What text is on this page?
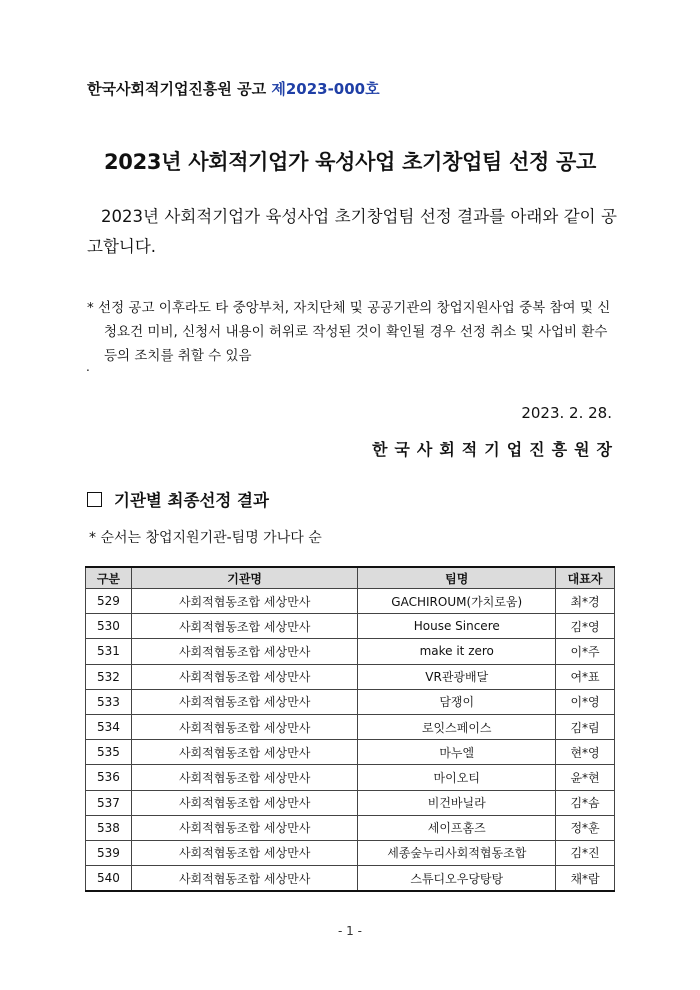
한국사회적기업진흥원 공고 제2023-000호
2023년 사회적기업가 육성사업 초기창업팀 선정 공고
2023년 사회적기업가 육성사업 초기창업팀 선정 결과를 아래와 같이 공고합니다.
* 선정 공고 이후라도 타 중앙부처, 자치단체 및 공공기관의 창업지원사업 중복 참여 및 신청요건 미비, 신청서 내용이 허위로 작성된 것이 확인될 경우 선정 취소 및 사업비 환수 등의 조치를 취할 수 있음
.
2023. 2. 28.
한국사회적기업진흥원장
기관별 최종선정 결과
* 순서는 창업지원기관-팀명 가나다 순
구분	기관명	팀명	대표자
529	사회적협동조합 세상만사	GACHIROUM(가치로움)	최*경
530	사회적협동조합 세상만사	House Sincere	김*영
531	사회적협동조합 세상만사	make it zero	이*주
532	사회적협동조합 세상만사	VR관광배달	여*표
533	사회적협동조합 세상만사	담쟁이	이*영
534	사회적협동조합 세상만사	로잇스페이스	김*림
535	사회적협동조합 세상만사	마누엘	현*영
536	사회적협동조합 세상만사	마이오티	윤*현
537	사회적협동조합 세상만사	비건바닐라	김*솜
538	사회적협동조합 세상만사	세이프홈즈	정*훈
539	사회적협동조합 세상만사	세종숲누리사회적협동조합	김*진
540	사회적협동조합 세상만사	스튜디오우당탕탕	채*람
- 1 -
